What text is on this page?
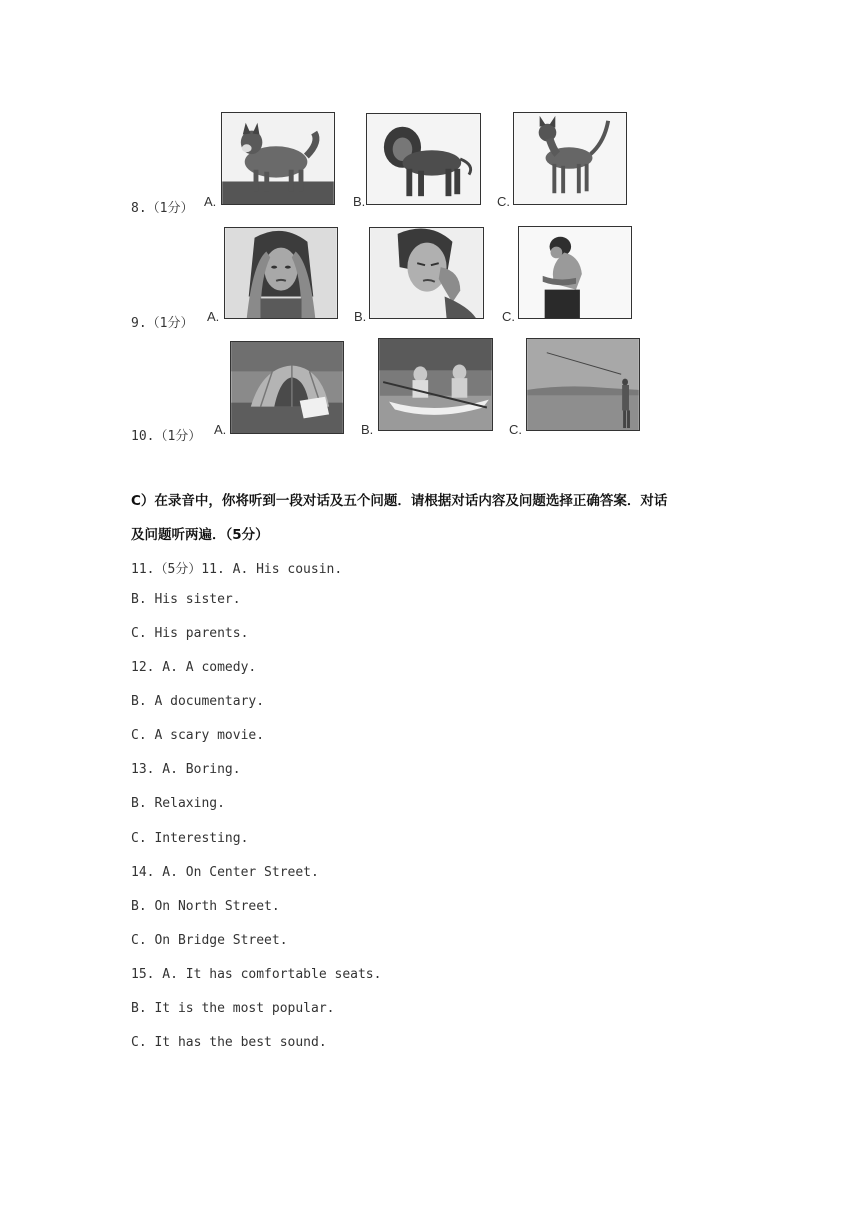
8.（1分） A.	B.	C.
9.（1分） A.	B.	C.
10.（1分） A.	B.	C.
C）在录音中，你将听到一段对话及五个问题．请根据对话内容及问题选择正确答案．对话
及问题听两遍．（5分）
11.（5分）11. A. His cousin.
B. His sister.
C. His parents.
12. A. A comedy.
B. A documentary.
C. A scary movie.
13. A. Boring.
B. Relaxing.
C. Interesting.
14. A. On Center Street.
B. On North Street.
C. On Bridge Street.
15. A. It has comfortable seats.
B. It is the most popular.
C. It has the best sound.
